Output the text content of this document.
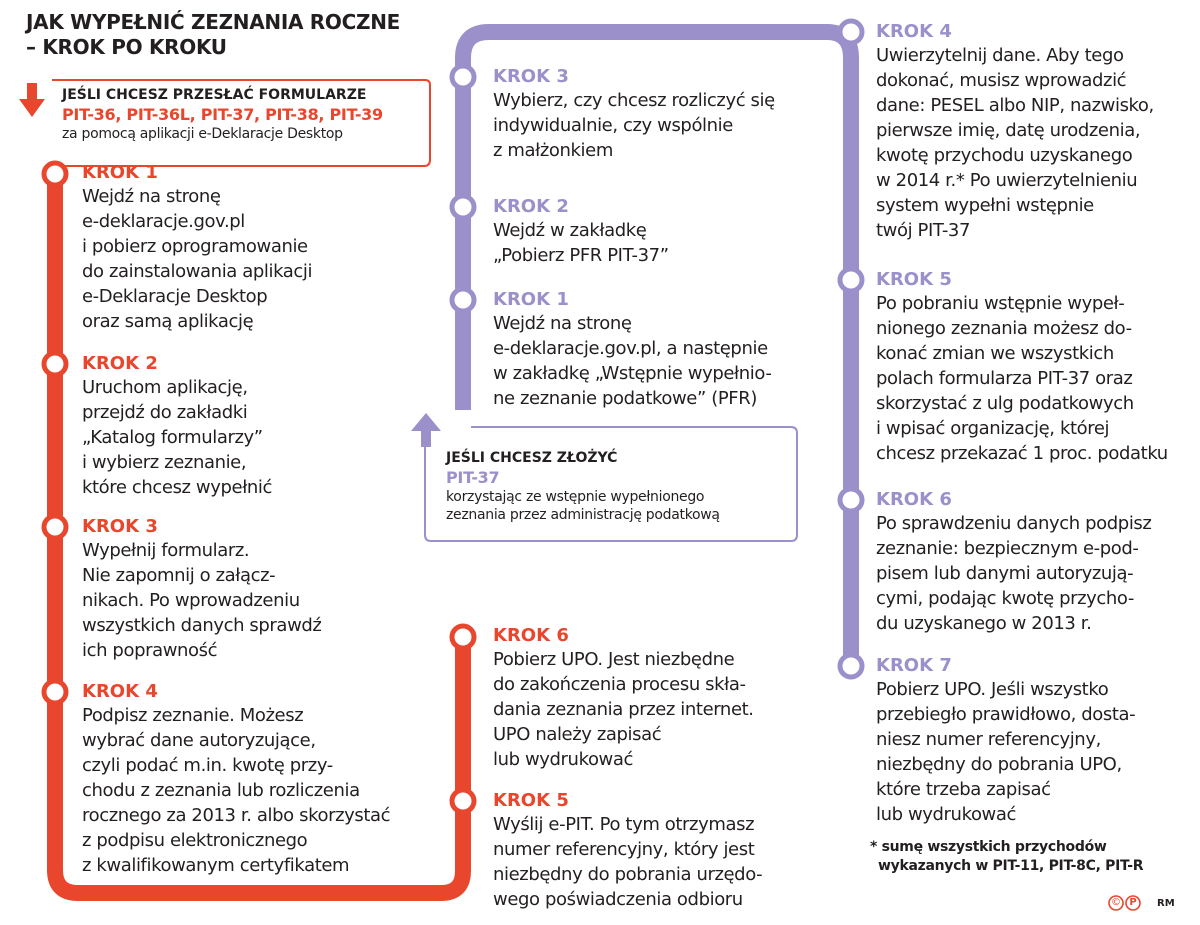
JAK WYPEŁNIĆ ZEZNANIA ROCZNE
– KROK PO KROKU
JEŚLI CHCESZ PRZESŁAĆ FORMULARZE
PIT-36, PIT-36L, PIT-37, PIT-38, PIT-39
za pomocą aplikacji e-Deklaracje Desktop
KROK 1
Wejdź na stronę
e-deklaracje.gov.pl
i pobierz oprogramowanie
do zainstalowania aplikacji
e-Deklaracje Desktop
oraz samą aplikację
KROK 2
Uruchom aplikację,
przejdź do zakładki
„Katalog formularzy”
i wybierz zeznanie,
które chcesz wypełnić
KROK 3
Wypełnij formularz.
Nie zapomnij o załącz-
nikach. Po wprowadzeniu
wszystkich danych sprawdź
ich poprawność
KROK 4
Podpisz zeznanie. Możesz
wybrać dane autoryzujące,
czyli podać m.in. kwotę przy-
chodu z zeznania lub rozliczenia
rocznego za 2013 r. albo skorzystać
z podpisu elektronicznego
z kwalifikowanym certyfikatem
KROK 6
Pobierz UPO. Jest niezbędne
do zakończenia procesu skła-
dania zeznania przez internet.
UPO należy zapisać
lub wydrukować
KROK 5
Wyślij e-PIT. Po tym otrzymasz
numer referencyjny, który jest
niezbędny do pobrania urzędo-
wego poświadczenia odbioru
KROK 3
Wybierz, czy chcesz rozliczyć się
indywidualnie, czy wspólnie
z małżonkiem
KROK 2
Wejdź w zakładkę
„Pobierz PFR PIT-37”
KROK 1
Wejdź na stronę
e-deklaracje.gov.pl, a następnie
w zakładkę „Wstępnie wypełnio-
ne zeznanie podatkowe” (PFR)
JEŚLI CHCESZ ZŁOŻYĆ
PIT-37
korzystając ze wstępnie wypełnionego
zeznania przez administrację podatkową
KROK 4
Uwierzytelnij dane. Aby tego
dokonać, musisz wprowadzić
dane: PESEL albo NIP, nazwisko,
pierwsze imię, datę urodzenia,
kwotę przychodu uzyskanego
w 2014 r.* Po uwierzytelnieniu
system wypełni wstępnie
twój PIT-37
KROK 5
Po pobraniu wstępnie wypeł-
nionego zeznania możesz do-
konać zmian we wszystkich
polach formularza PIT-37 oraz
skorzystać z ulg podatkowych
i wpisać organizację, której
chcesz przekazać 1 proc. podatku
KROK 6
Po sprawdzeniu danych podpisz
zeznanie: bezpiecznym e-pod-
pisem lub danymi autoryzują-
cymi, podając kwotę przycho-
du uzyskanego w 2013 r.
KROK 7
Pobierz UPO. Jeśli wszystko
przebiegło prawidłowo, dosta-
niesz numer referencyjny,
niezbędny do pobrania UPO,
które trzeba zapisać
lub wydrukować
* sumę wszystkich przychodów
wykazanych w PIT-11, PIT-8C, PIT-R
© P RM
